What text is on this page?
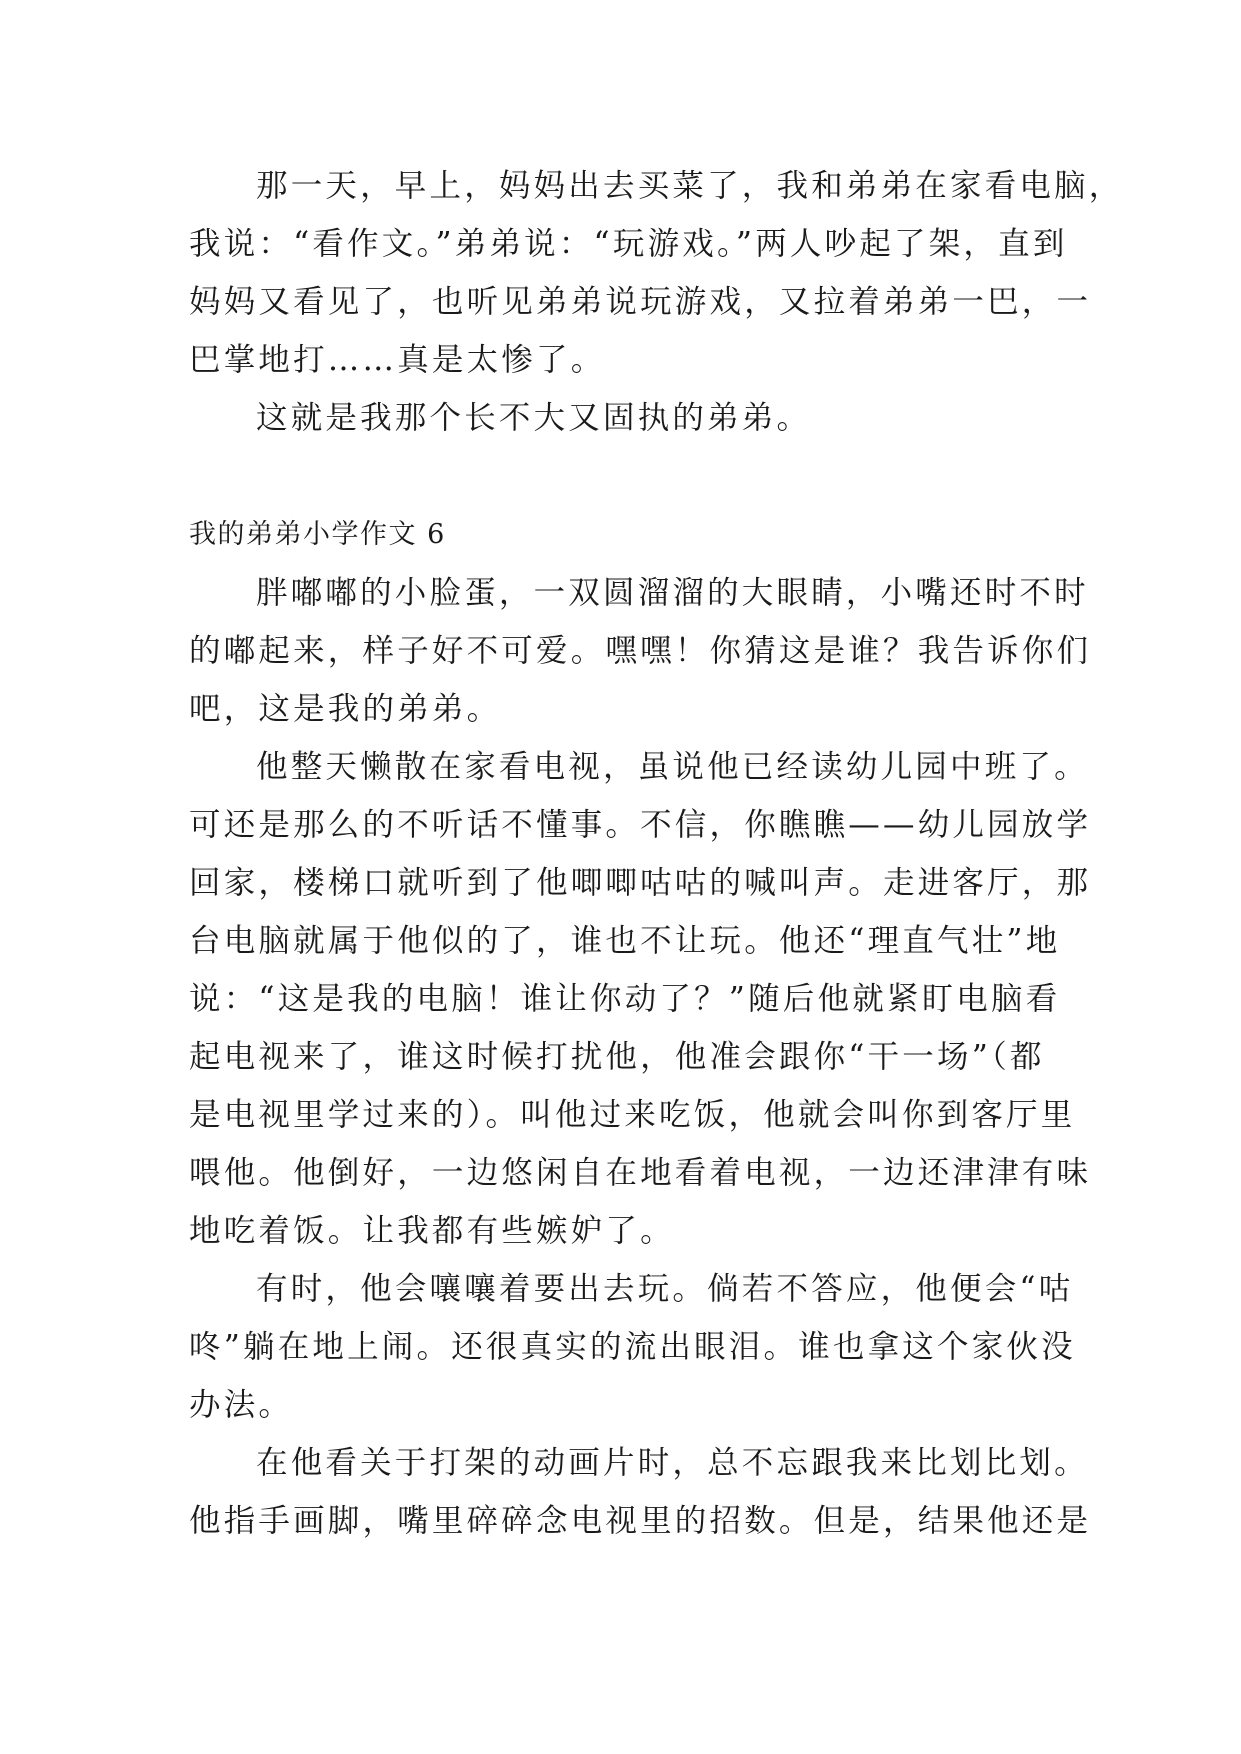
那一天，早上，妈妈出去买菜了，我和弟弟在家看电脑，
我说：“看作文。”弟弟说：“玩游戏。”两人吵起了架，直到
妈妈又看见了，也听见弟弟说玩游戏，又拉着弟弟一巴，一
巴掌地打……真是太惨了。
这就是我那个长不大又固执的弟弟。
我的弟弟小学作文 6
胖嘟嘟的小脸蛋，一双圆溜溜的大眼睛，小嘴还时不时
的嘟起来，样子好不可爱。嘿嘿！你猜这是谁？我告诉你们
吧，这是我的弟弟。
他整天懒散在家看电视，虽说他已经读幼儿园中班了。
可还是那么的不听话不懂事。不信，你瞧瞧——幼儿园放学
回家，楼梯口就听到了他唧唧咕咕的喊叫声。走进客厅，那
台电脑就属于他似的了，谁也不让玩。他还“理直气壮”地
说：“这是我的电脑！谁让你动了？”随后他就紧盯电脑看
起电视来了，谁这时候打扰他，他准会跟你“干一场”（都
是电视里学过来的）。叫他过来吃饭，他就会叫你到客厅里
喂他。他倒好，一边悠闲自在地看着电视，一边还津津有味
地吃着饭。让我都有些嫉妒了。
有时，他会嚷嚷着要出去玩。倘若不答应，他便会“咕
咚”躺在地上闹。还很真实的流出眼泪。谁也拿这个家伙没
办法。
在他看关于打架的动画片时，总不忘跟我来比划比划。
他指手画脚，嘴里碎碎念电视里的招数。但是，结果他还是
